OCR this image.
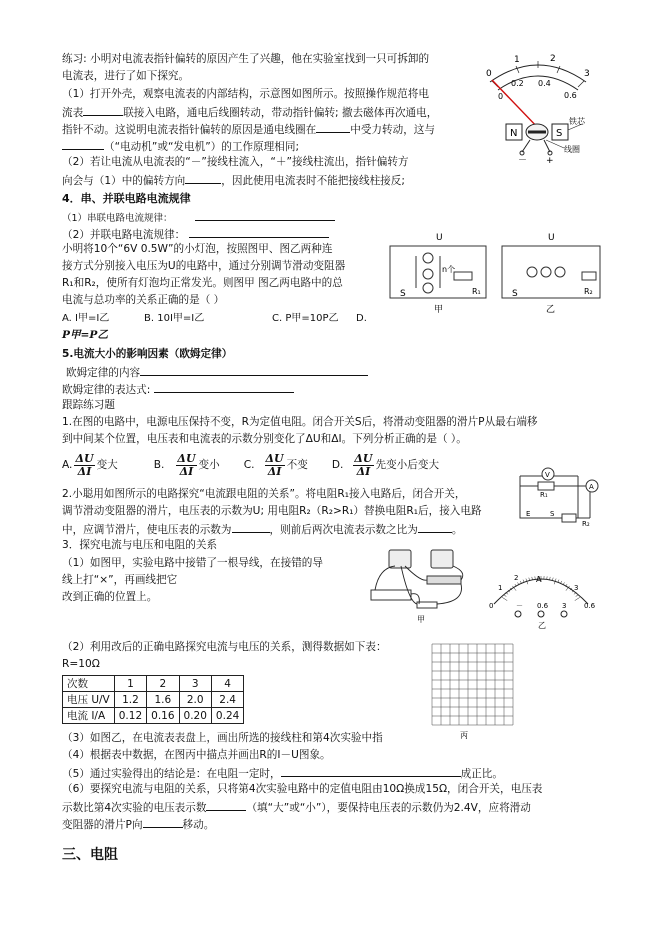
练习: 小明对电流表指针偏转的原因产生了兴趣，他在实验室找到一只可拆卸的
电流表，进行了如下探究。
（1）打开外壳，观察电流表的内部结构，示意图如图所示。按照操作规范将电
流表	联接入电路，通电后线圈转动，带动指针偏转; 撤去磁体再次通电，
指针不动。这说明电流表指针偏转的原因是通电线圈在	中受力转动，这与
（“电动机”或“发电机”）的工作原理相同;
（2）若让电流从电流表的“－”接线柱流入，“＋”接线柱流出，指针偏转方
向会与（1）中的偏转方向	，因此使用电流表时不能把接线柱接反;
0
1	2
3
0
0.2 0.4
0.6
N	S
铁芯
线圈
－ +
4．串、并联电路电流规律
（1）串联电路电流规律：
（2）并联电路电流规律：
小明将10个“6V 0.5W”的小灯泡，按照图甲、图乙两种连
接方式分别接入电压为U的电路中，通过分别调节滑动变阻器
R₁和R₂，使所有灯泡均正常发光。则图甲 图乙两电路中的总
电流与总功率的关系正确的是（ ）
A. I甲=I乙	B. 10I甲=I乙	C. P甲=10P乙 D.
P甲=P乙
U	U
n个
S	S
R₁	R₂
甲	乙
5.电流大小的影响因素（欧姆定律）
欧姆定律的内容
欧姆定律的表达式:
跟踪练习题
1.在图的电路中，电源电压保持不变，R为定值电阻。闭合开关S后，将滑动变阻器的滑片P从最右端移
到中间某个位置，电压表和电流表的示数分别变化了ΔU和ΔI。下列分析正确的是（ ）。
A. $\frac{\Delta U}{\Delta I}$ 变大	B. $\frac{\Delta U}{\Delta I}$ 变小 C. $\frac{\Delta U}{\Delta I}$ 不变 D. $\frac{\Delta U}{\Delta I}$ 先变小后变大
2.小聪用如图所示的电路探究“电流跟电阻的关系”。将电阻R₁接入电路后，闭合开关，
调节滑动变阻器的滑片，电压表的示数为U; 用电阻R₂（R₂>R₁）替换电阻R₁后，接入电路
中，应调节滑片，使电压表的示数为	，则前后两次电流表示数之比为	。
V
A
R₁
E	S
R₂
3．探究电流与电压和电阻的关系
（1）如图甲，实验电路中接错了一根导线，在接错的导
线上打“×”，再画线把它
改到正确的位置上。
甲
A
1
2
3
0	0.6
－ 0.6 3
乙
（2）利用改后的正确电路探究电流与电压的关系，测得数据如下表：
R=10Ω
次数	1	2	3	4
电压 U/V	1.2	1.6	2.0	2.4
电流 I/A	0.12	0.16	0.20	0.24
丙
（3）如图乙，在电流表表盘上，画出所选的接线柱和第4次实验中指
（4）根据表中数据，在图丙中描点并画出R的I－U图象。
（5）通过实验得出的结论是：在电阻一定时，	成正比。
（6）要探究电流与电阻的关系，只将第4次实验电路中的定值电阻由10Ω换成15Ω，闭合开关，电压表
示数比第4次实验的电压表示数	（填“大”或“小”），要保持电压表的示数仍为2.4V，应将滑动
变阻器的滑片P向	移动。
三、电阻
